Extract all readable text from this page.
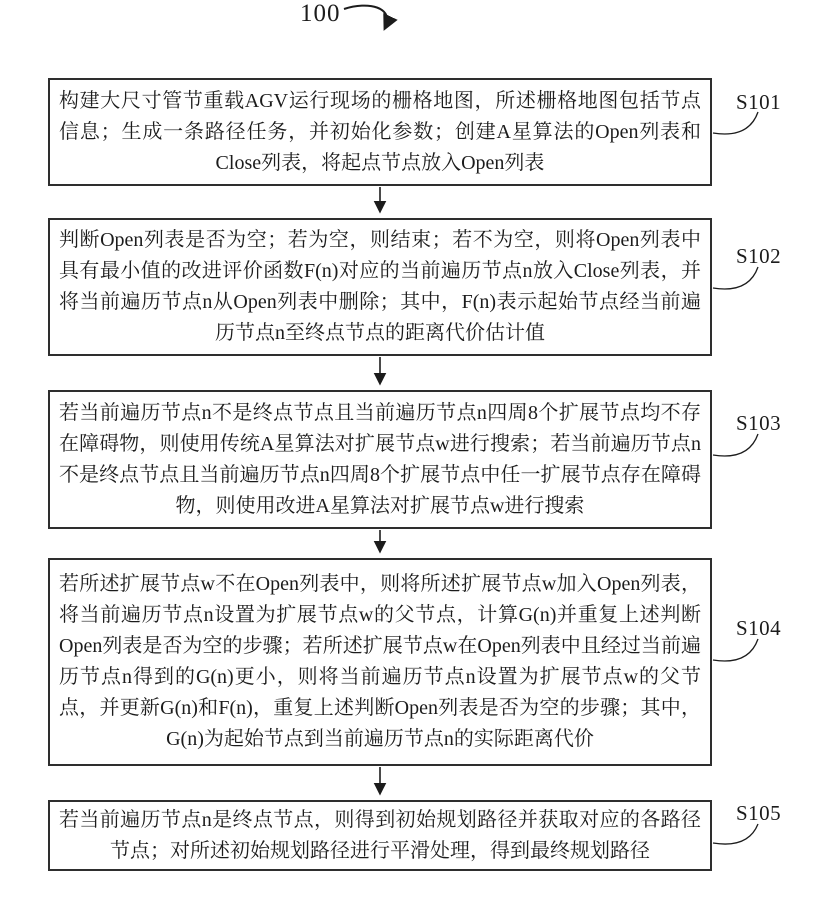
100
构建大尺寸管节重载AGV运行现场的栅格地图，所述栅格地图包括节点信息；生成一条路径任务，并初始化参数；创建A星算法的Open列表和Close列表，将起点节点放入Open列表
判断Open列表是否为空；若为空，则结束；若不为空，则将Open列表中具有最小值的改进评价函数F(n)对应的当前遍历节点n放入Close列表，并将当前遍历节点n从Open列表中删除；其中，F(n)表示起始节点经当前遍历节点n至终点节点的距离代价估计值
若当前遍历节点n不是终点节点且当前遍历节点n四周8个扩展节点均不存在障碍物，则使用传统A星算法对扩展节点w进行搜索；若当前遍历节点n不是终点节点且当前遍历节点n四周8个扩展节点中任一扩展节点存在障碍物，则使用改进A星算法对扩展节点w进行搜索
若所述扩展节点w不在Open列表中，则将所述扩展节点w加入Open列表，将当前遍历节点n设置为扩展节点w的父节点，计算G(n)并重复上述判断Open列表是否为空的步骤；若所述扩展节点w在Open列表中且经过当前遍历节点n得到的G(n)更小，则将当前遍历节点n设置为扩展节点w的父节点，并更新G(n)和F(n)，重复上述判断Open列表是否为空的步骤；其中，G(n)为起始节点到当前遍历节点n的实际距离代价
若当前遍历节点n是终点节点，则得到初始规划路径并获取对应的各路径节点；对所述初始规划路径进行平滑处理，得到最终规划路径
S101
S102
S103
S104
S105
